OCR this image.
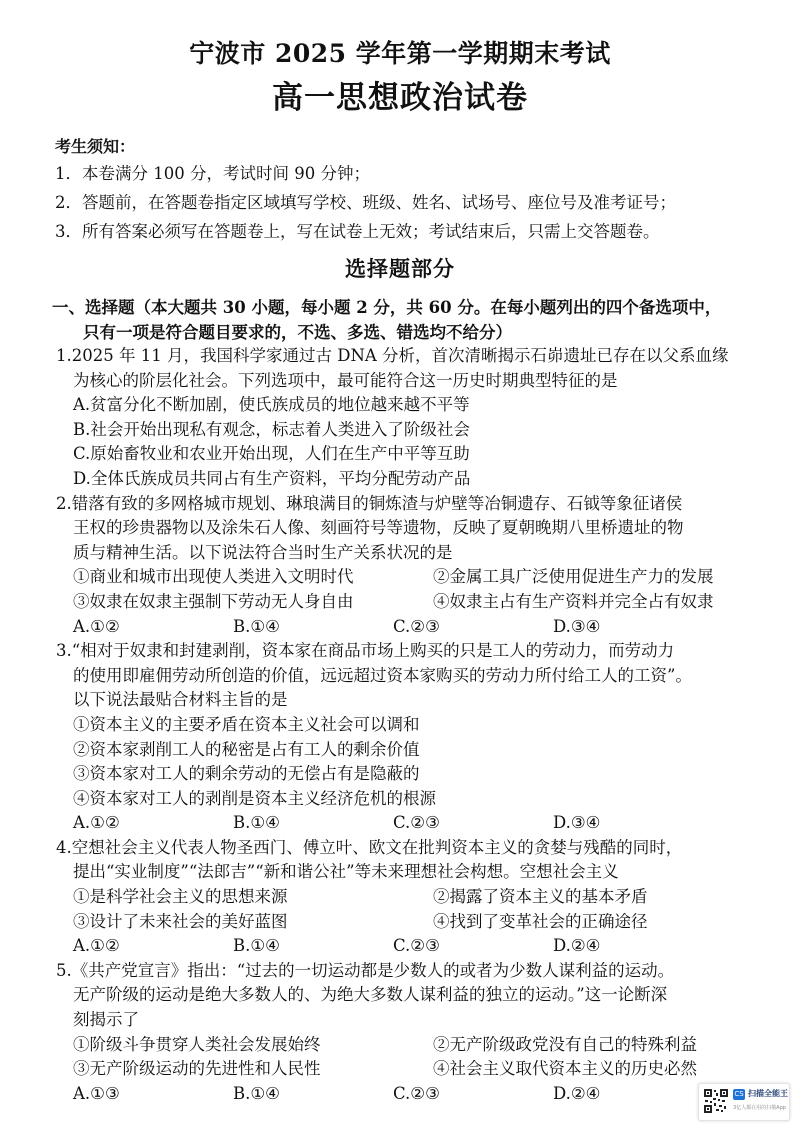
宁波市 2025 学年第一学期期末考试
高一思想政治试卷
考生须知：
1．本卷满分 100 分，考试时间 90 分钟；
2．答题前，在答题卷指定区域填写学校、班级、姓名、试场号、座位号及准考证号；
3．所有答案必须写在答题卷上，写在试卷上无效；考试结束后，只需上交答题卷。
选择题部分
一、选择题（本大题共 30 小题，每小题 2 分，共 60 分。在每小题列出的四个备选项中，
只有一项是符合题目要求的，不选、多选、错选均不给分）
1.2025 年 11 月，我国科学家通过古 DNA 分析，首次清晰揭示石峁遗址已存在以父系血缘
为核心的阶层化社会。下列选项中，最可能符合这一历史时期典型特征的是
A.贫富分化不断加剧，使氏族成员的地位越来越不平等
B.社会开始出现私有观念，标志着人类进入了阶级社会
C.原始畜牧业和农业开始出现，人们在生产中平等互助
D.全体氏族成员共同占有生产资料，平均分配劳动产品
2.错落有致的多网格城市规划、琳琅满目的铜炼渣与炉壁等冶铜遗存、石钺等象征诸侯
王权的珍贵器物以及涂朱石人像、刻画符号等遗物，反映了夏朝晚期八里桥遗址的物
质与精神生活。以下说法符合当时生产关系状况的是
①商业和城市出现使人类进入文明时代	②金属工具广泛使用促进生产力的发展
③奴隶在奴隶主强制下劳动无人身自由	④奴隶主占有生产资料并完全占有奴隶
A.①②	B.①④	C.②③	D.③④
3.“相对于奴隶和封建剥削，资本家在商品市场上购买的只是工人的劳动力，而劳动力
的使用即雇佣劳动所创造的价值，远远超过资本家购买的劳动力所付给工人的工资”。
以下说法最贴合材料主旨的是
①资本主义的主要矛盾在资本主义社会可以调和
②资本家剥削工人的秘密是占有工人的剩余价值
③资本家对工人的剩余劳动的无偿占有是隐蔽的
④资本家对工人的剥削是资本主义经济危机的根源
A.①②	B.①④	C.②③	D.③④
4.空想社会主义代表人物圣西门、傅立叶、欧文在批判资本主义的贪婪与残酷的同时，
提出“实业制度”“法郎吉”“新和谐公社”等未来理想社会构想。空想社会主义
①是科学社会主义的思想来源	②揭露了资本主义的基本矛盾
③设计了未来社会的美好蓝图	④找到了变革社会的正确途径
A.①②	B.①④	C.②③	D.②④
5.《共产党宣言》指出：“过去的一切运动都是少数人的或者为少数人谋利益的运动。
无产阶级的运动是绝大多数人的、为绝大多数人谋利益的独立的运动。”这一论断深
刻揭示了
①阶级斗争贯穿人类社会发展始终	②无产阶级政党没有自己的特殊利益
③无产阶级运动的先进性和人民性	④社会主义取代资本主义的历史必然
A.①③	B.①④	C.②③	D.②④	CS 扫描全能王
3亿人都在用的扫描App
